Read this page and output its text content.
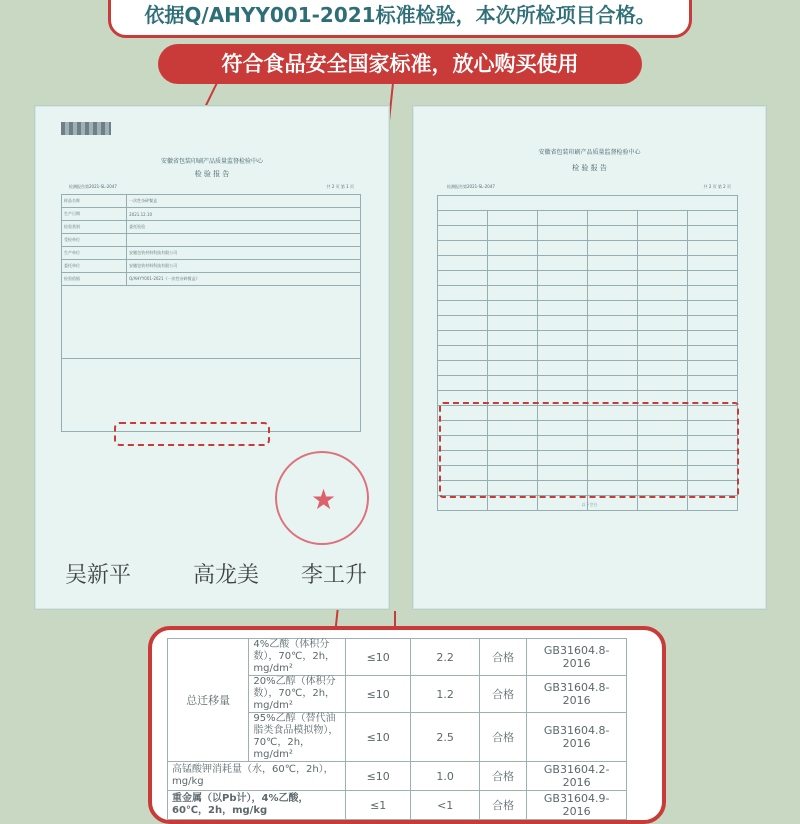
依据Q/AHYY001-2021标准检验，本次所检项目合格。
符合食品安全国家标准，放心购买使用
安徽省包装印刷产品质量监督检验中心
检 验 报 告
检测报告第2021-SL-2047	共 2 页 第 1 页
样品名称	一次性杂碎餐盒
生产日期	2021.12.10
检验类别	委托检验
受检单位	
生产单位	安徽包装材料科技有限公司
委托单位	安徽包装材料科技有限公司
检验依据	Q/AHYY001-2021《一次性杂碎餐盒》

★
吴新平	高龙美 李工升
安徽省包装印刷产品质量监督检验中心
检 验 报 告
检测报告第2021-SL-2047	共 2 页 第 2 页

以下空白
总迁移量	4%乙酸（体积分数），70℃，2h，mg/dm²	≤10	2.2	合格	GB31604.8-2016
	20%乙醇（体积分数），70℃，2h，mg/dm²	≤10	1.2	合格	GB31604.8-2016
	95%乙醇（替代油脂类食品模拟物），70℃，2h，mg/dm²	≤10	2.5	合格	GB31604.8-2016
高锰酸钾消耗量（水，60℃，2h），mg/kg		≤10	1.0	合格	GB31604.2-2016
重金属（以Pb计），4%乙酸，60℃，2h，mg/kg		≤1	<1	合格	GB31604.9-2016
